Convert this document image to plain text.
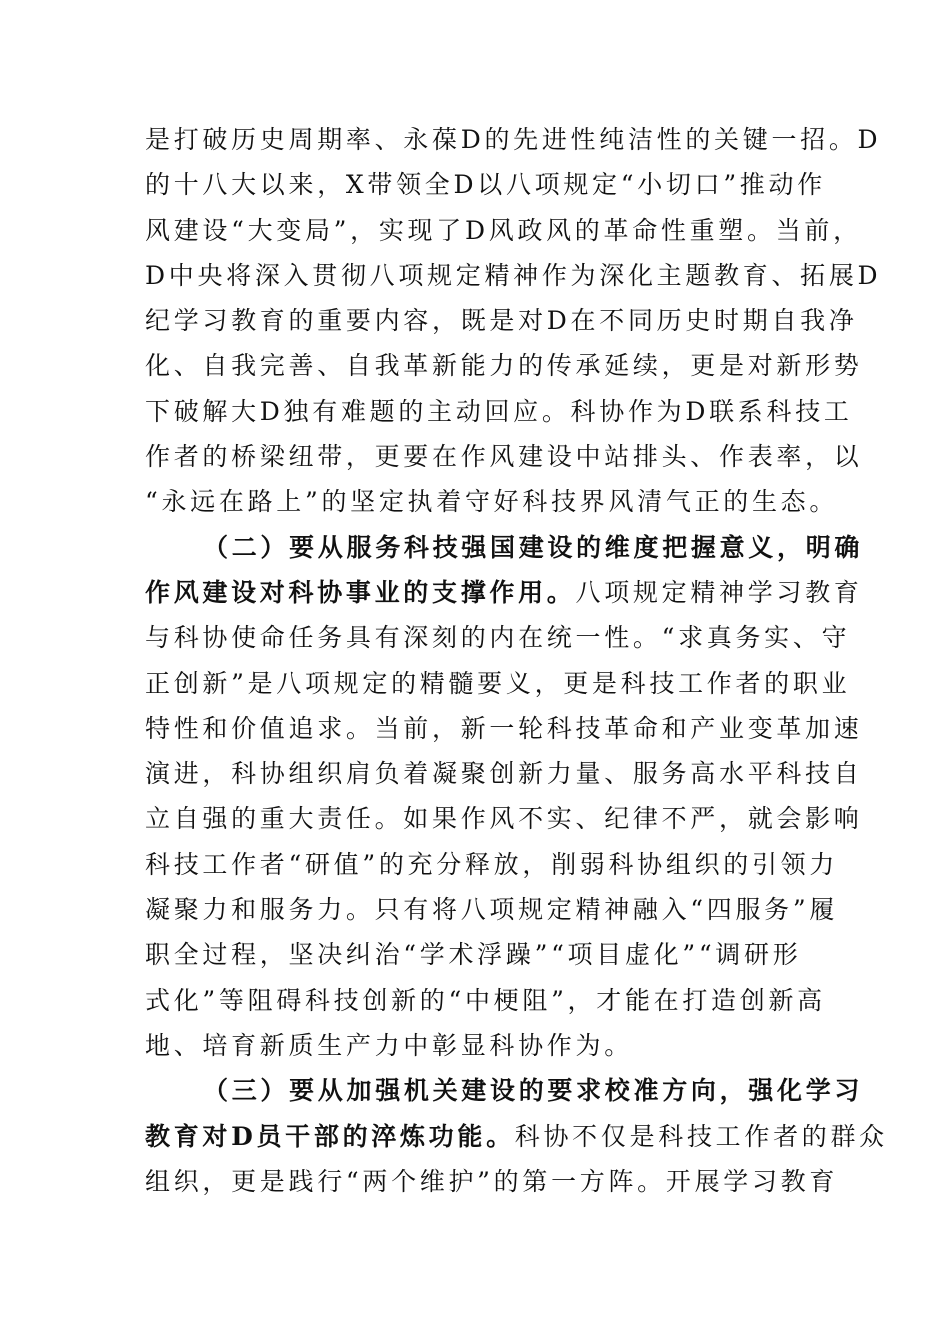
是打破历史周期率、永葆D的先进性纯洁性的关键一招。D
的十八大以来，X带领全D以八项规定“小切口”推动作
风建设“大变局”，实现了D风政风的革命性重塑。当前，
D中央将深入贯彻八项规定精神作为深化主题教育、拓展D
纪学习教育的重要内容，既是对D在不同历史时期自我净
化、自我完善、自我革新能力的传承延续，更是对新形势
下破解大D独有难题的主动回应。科协作为D联系科技工
作者的桥梁纽带，更要在作风建设中站排头、作表率，以
“永远在路上”的坚定执着守好科技界风清气正的生态。
（二）要从服务科技强国建设的维度把握意义，明确
作风建设对科协事业的支撑作用。八项规定精神学习教育
与科协使命任务具有深刻的内在统一性。“求真务实、守
正创新”是八项规定的精髓要义，更是科技工作者的职业
特性和价值追求。当前，新一轮科技革命和产业变革加速
演进，科协组织肩负着凝聚创新力量、服务高水平科技自
立自强的重大责任。如果作风不实、纪律不严，就会影响
科技工作者“研值”的充分释放，削弱科协组织的引领力
凝聚力和服务力。只有将八项规定精神融入“四服务”履
职全过程，坚决纠治“学术浮躁”“项目虚化”“调研形
式化”等阻碍科技创新的“中梗阻”，才能在打造创新高
地、培育新质生产力中彰显科协作为。
（三）要从加强机关建设的要求校准方向，强化学习
教育对D员干部的淬炼功能。科协不仅是科技工作者的群众
组织，更是践行“两个维护”的第一方阵。开展学习教育
